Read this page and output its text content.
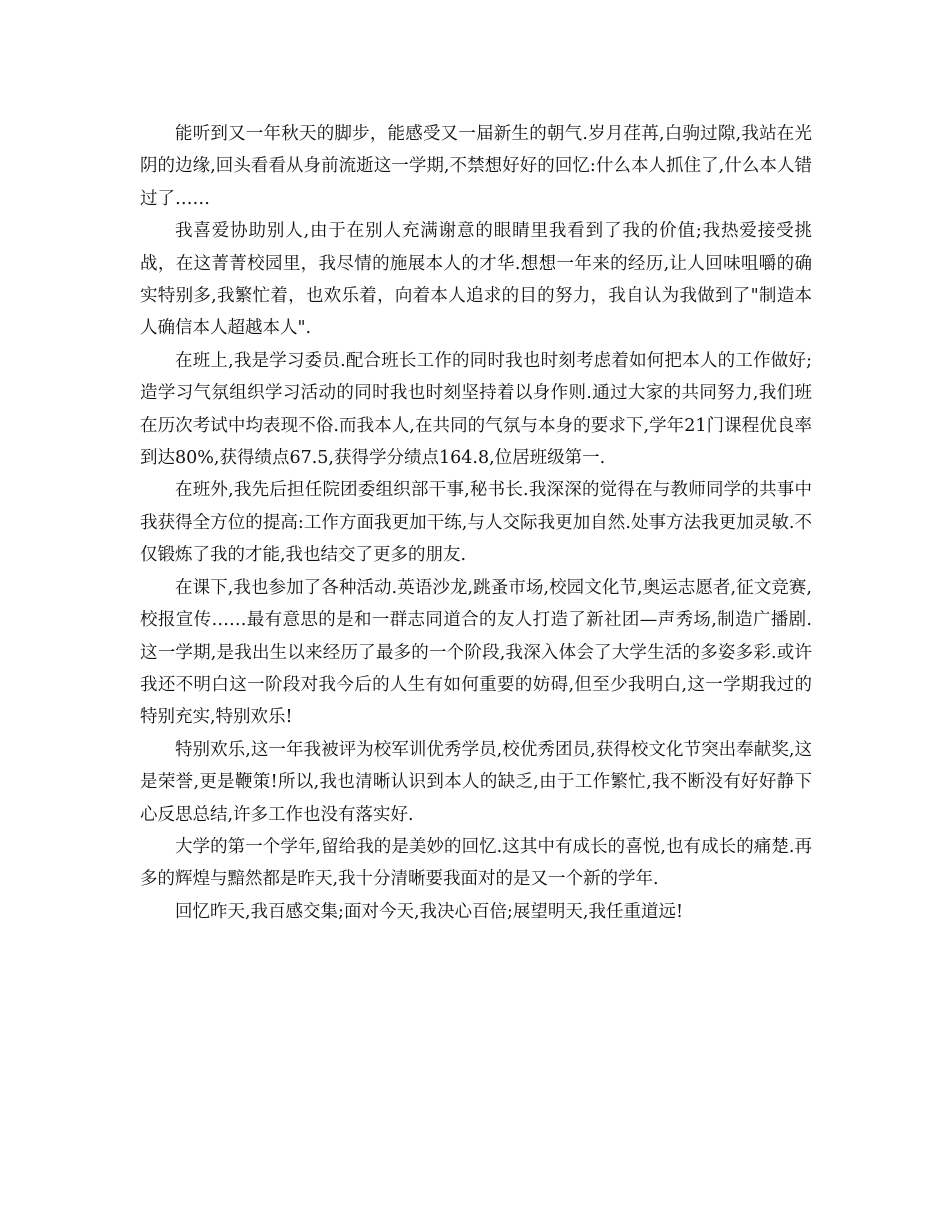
能听到又一年秋天的脚步，能感受又一届新生的朝气.岁月荏苒,白驹过隙,我站在光阴的边缘,回头看看从身前流逝这一学期,不禁想好好的回忆:什么本人抓住了,什么本人错过了……

我喜爱协助别人,由于在别人充满谢意的眼睛里我看到了我的价值;我热爱接受挑战，在这菁菁校园里，我尽情的施展本人的才华.想想一年来的经历,让人回味咀嚼的确实特别多,我繁忙着，也欢乐着，向着本人追求的目的努力，我自认为我做到了"制造本人确信本人超越本人".

在班上,我是学习委员.配合班长工作的同时我也时刻考虑着如何把本人的工作做好;造学习气氛组织学习活动的同时我也时刻坚持着以身作则.通过大家的共同努力,我们班在历次考试中均表现不俗.而我本人,在共同的气氛与本身的要求下,学年21门课程优良率到达80%,获得绩点67.5,获得学分绩点164.8,位居班级第一.

在班外,我先后担任院团委组织部干事,秘书长.我深深的觉得在与教师同学的共事中我获得全方位的提高:工作方面我更加干练,与人交际我更加自然.处事方法我更加灵敏.不仅锻炼了我的才能,我也结交了更多的朋友.

在课下,我也参加了各种活动.英语沙龙,跳蚤市场,校园文化节,奥运志愿者,征文竞赛,校报宣传……最有意思的是和一群志同道合的友人打造了新社团—声秀场,制造广播剧.这一学期,是我出生以来经历了最多的一个阶段,我深入体会了大学生活的多姿多彩.或许我还不明白这一阶段对我今后的人生有如何重要的妨碍,但至少我明白,这一学期我过的特别充实,特别欢乐!

特别欢乐,这一年我被评为校军训优秀学员,校优秀团员,获得校文化节突出奉献奖,这是荣誉,更是鞭策!所以,我也清晰认识到本人的缺乏,由于工作繁忙,我不断没有好好静下心反思总结,许多工作也没有落实好.

大学的第一个学年,留给我的是美妙的回忆.这其中有成长的喜悦,也有成长的痛楚.再多的辉煌与黯然都是昨天,我十分清晰要我面对的是又一个新的学年.

回忆昨天,我百感交集;面对今天,我决心百倍;展望明天,我任重道远!
